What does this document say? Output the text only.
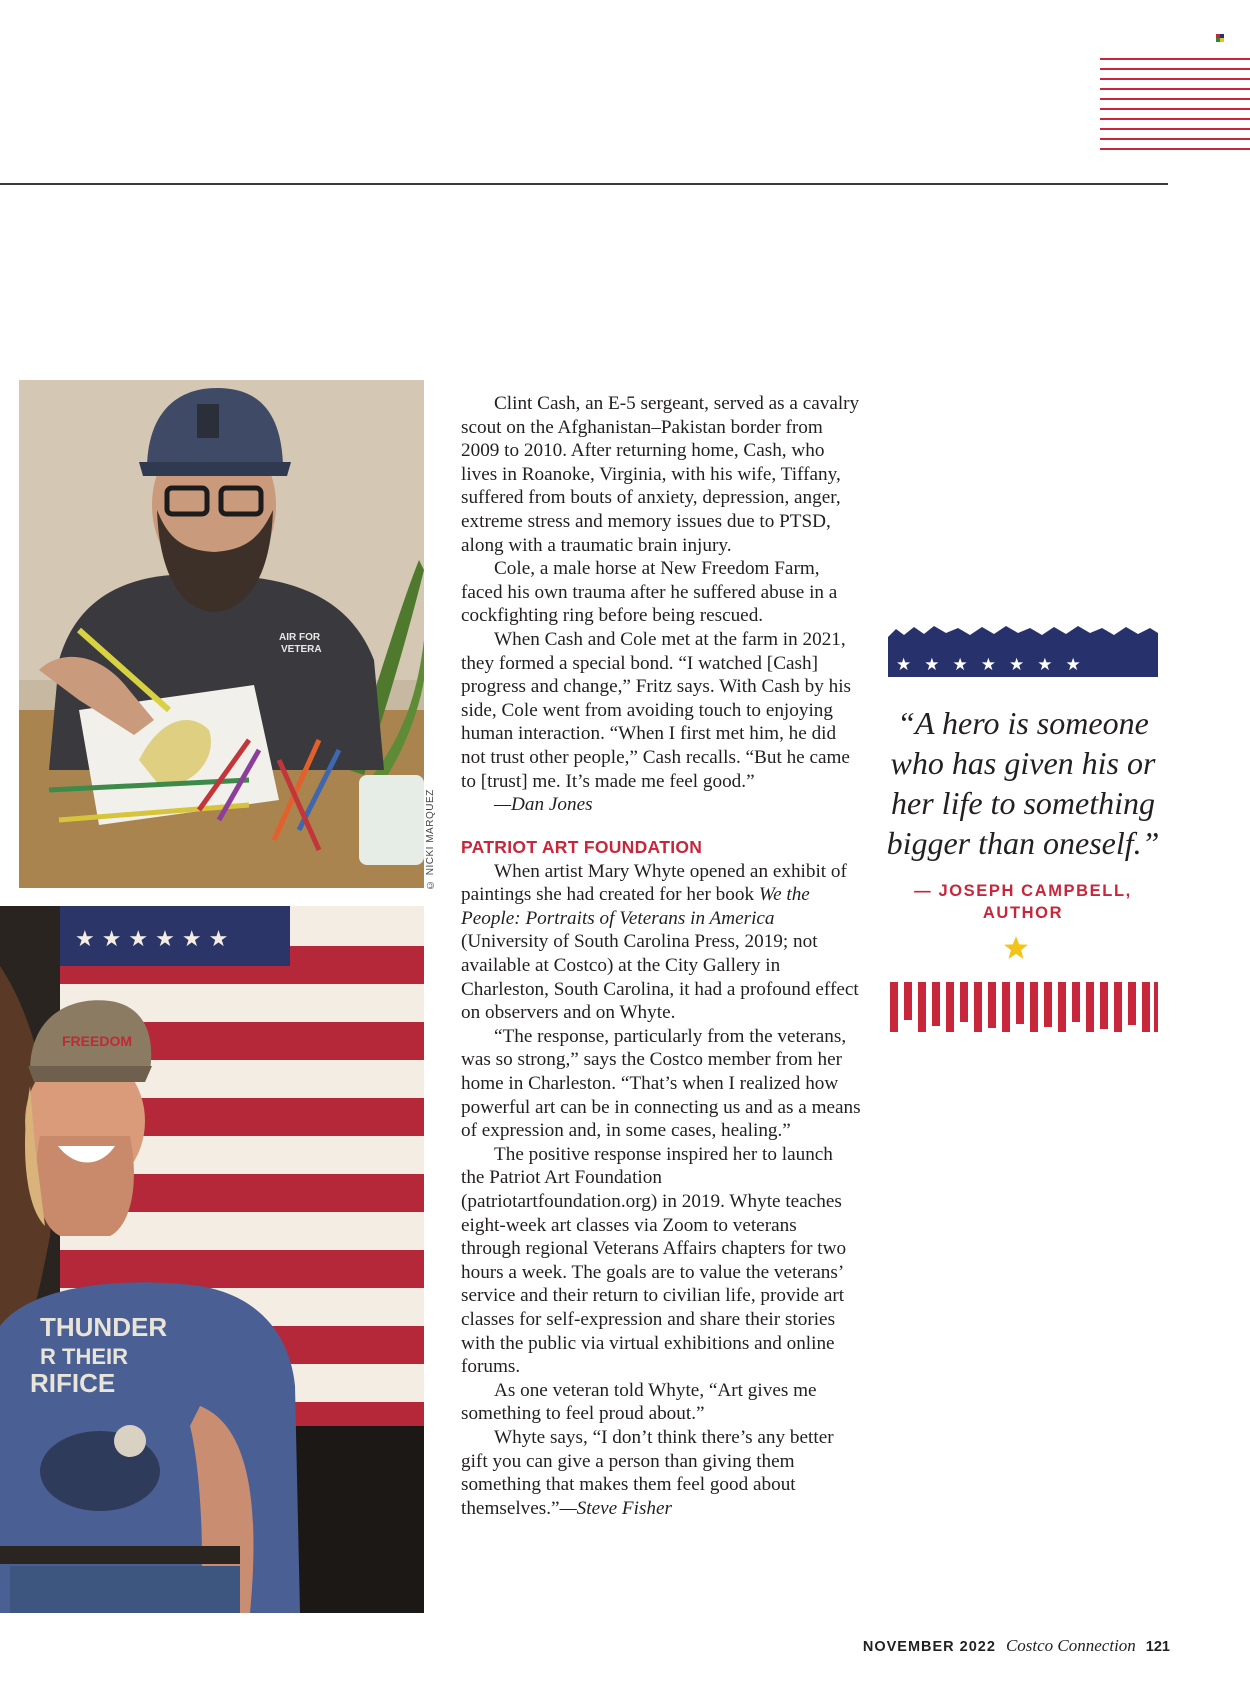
AIR FOR
VETERA
© NICKI MARQUEZ
★ ★ ★ ★ ★ ★
THUNDER
R THEIR
RIFICE
FREEDOM

Clint Cash, an E-5 sergeant, served as a cavalry scout on the Afghanistan–Pakistan border from 2009 to 2010. After returning home, Cash, who lives in Roanoke, Virginia, with his wife, Tiffany, suffered from bouts of anxiety, depression, anger, extreme stress and memory issues due to PTSD, along with a traumatic brain injury.

Cole, a male horse at New Freedom Farm, faced his own trauma after he suffered abuse in a cockfighting ring before being rescued.

When Cash and Cole met at the farm in 2021, they formed a special bond. “I watched [Cash] progress and change,” Fritz says. With Cash by his side, Cole went from avoiding touch to enjoying human interaction. “When I first met him, he did not trust other people,” Cash recalls. “But he came to [trust] me. It’s made me feel good.”

—Dan Jones

PATRIOT ART FOUNDATION

When artist Mary Whyte opened an exhibit of paintings she had created for her book We the People: Portraits of Veterans in America (University of South Carolina Press, 2019; not available at Costco) at the City Gallery in Charleston, South Carolina, it had a profound effect on observers and on Whyte.

“The response, particularly from the veterans, was so strong,” says the Costco member from her home in Charleston. “That’s when I realized how powerful art can be in connecting us and as a means of expression and, in some cases, healing.”

The positive response inspired her to launch the Patriot Art Foundation (patriotartfoundation.org) in 2019. Whyte teaches eight-week art classes via Zoom to veterans through regional Veterans Affairs chapters for two hours a week. The goals are to value the veterans’ service and their return to civilian life, provide art classes for self-expression and share their stories with the public via virtual exhibitions and online forums.

As one veteran told Whyte, “Art gives me something to feel proud about.”

Whyte says, “I don’t think there’s any better gift you can give a person than giving them something that makes them feel good about themselves.”—Steve Fisher

★★★★★★★
“A hero is someone who has given his or her life to something bigger than oneself.”
— JOSEPH CAMPBELL, AUTHOR
NOVEMBER 2022 Costco Connection 121
